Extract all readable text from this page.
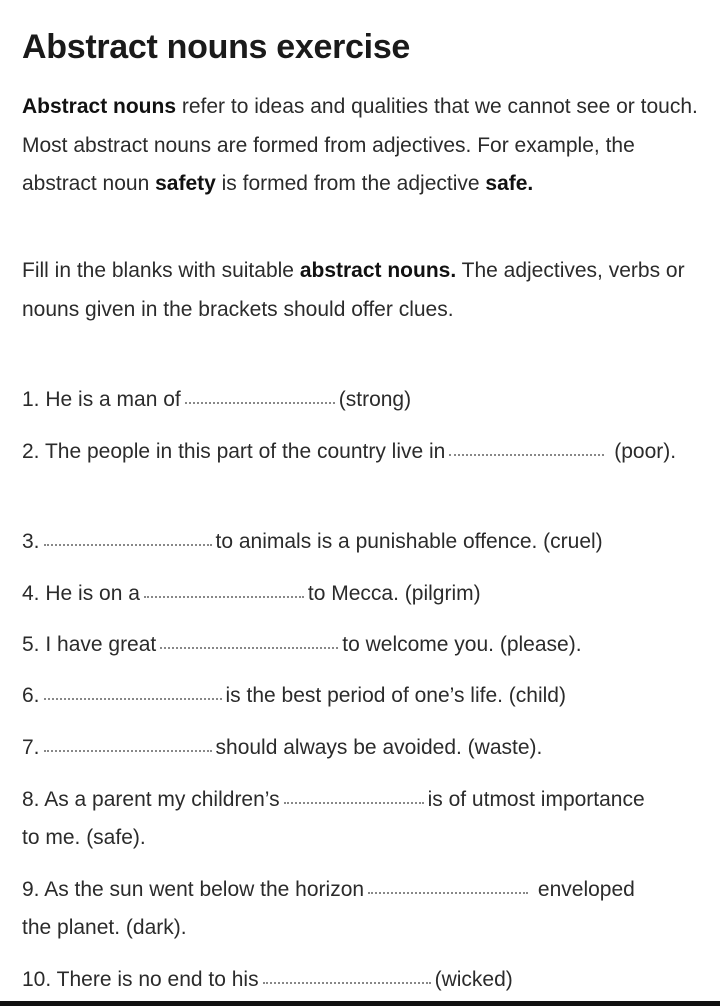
Abstract nouns exercise

Abstract nouns refer to ideas and qualities that we cannot see or touch. Most abstract nouns are formed from adjectives. For example, the abstract noun safety is formed from the adjective safe.

Fill in the blanks with suitable abstract nouns. The adjectives, verbs or nouns given in the brackets should offer clues.

1. He is a man of	(strong)

2. The people in this part of the country live in	(poor).

3.	to animals is a punishable offence. (cruel)

4. He is on a	to Mecca. (pilgrim)

5. I have great	to welcome you. (please).

6.	is the best period of one’s life. (child)

7.	should always be avoided. (waste).

8. As a parent my children’s	is of utmost importance to me. (safe).

9. As the sun went below the horizon	enveloped the planet. (dark).

10. There is no end to his	(wicked)
